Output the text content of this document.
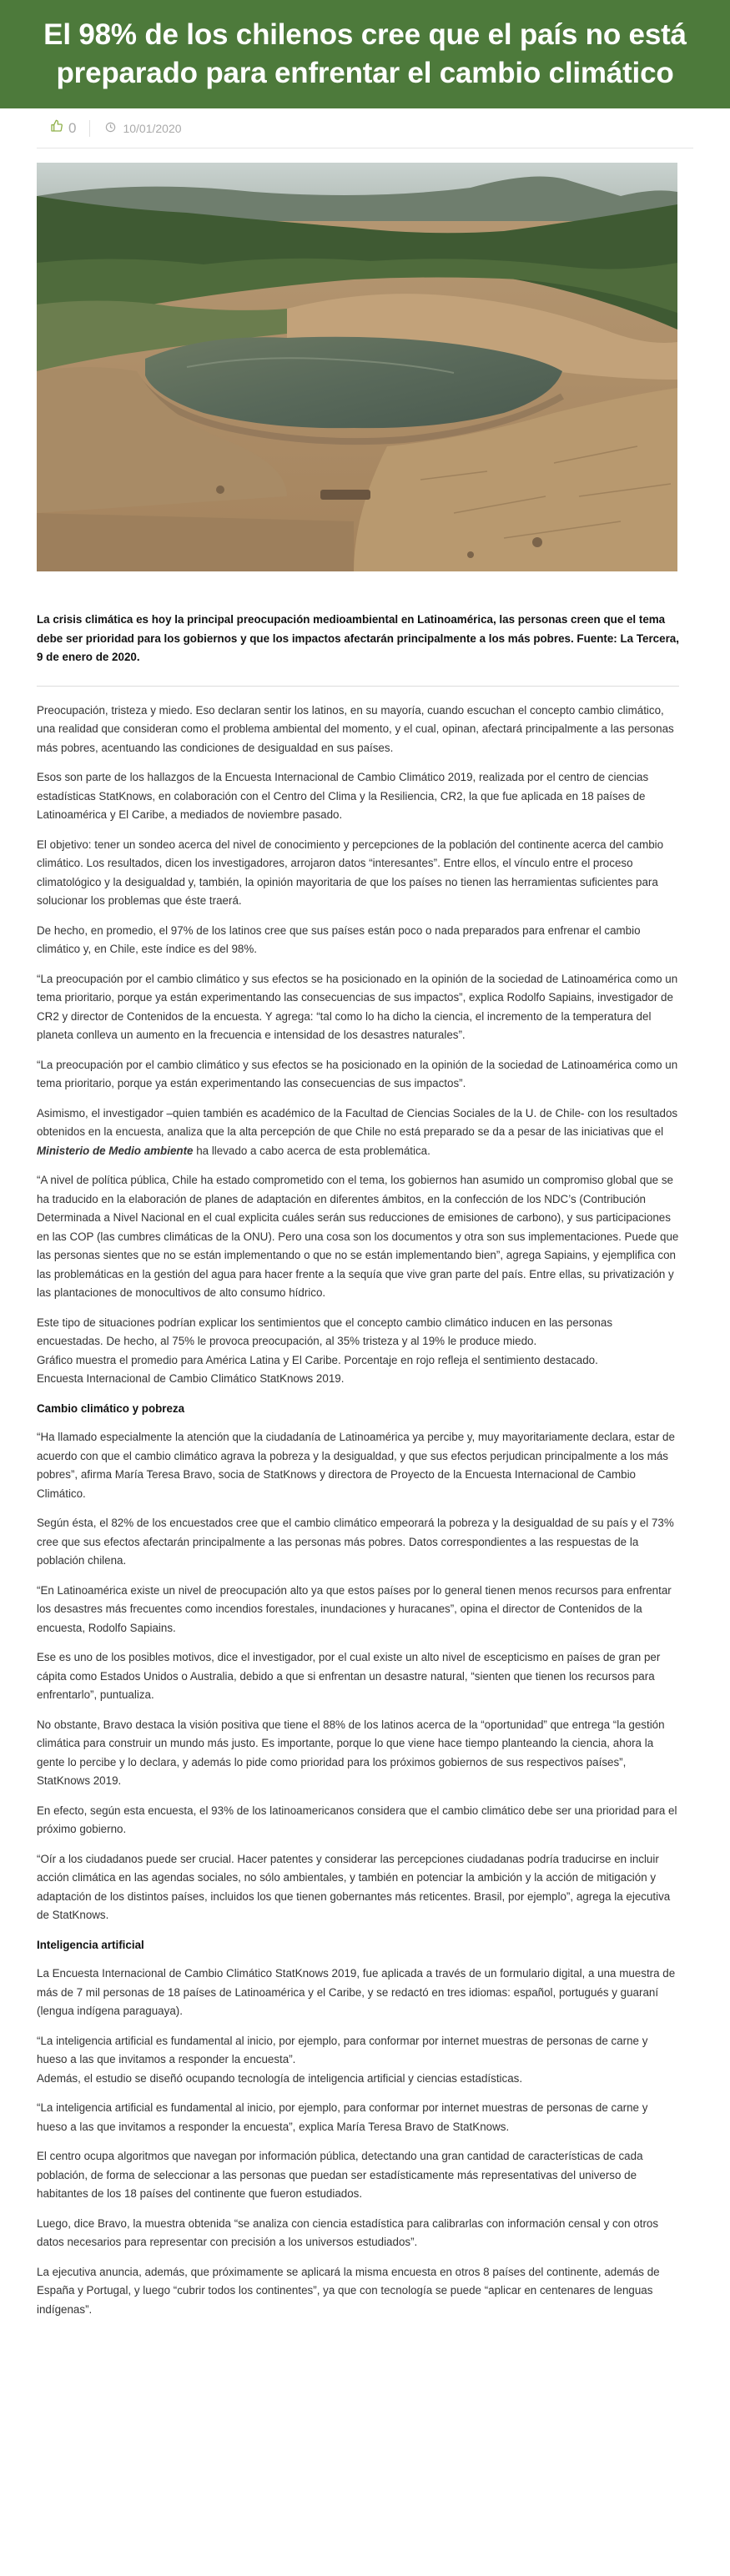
El 98% de los chilenos cree que el país no está preparado para enfrentar el cambio climático
0	10/01/2020

La crisis climática es hoy la principal preocupación medioambiental en Latinoamérica, las personas creen que el tema debe ser prioridad para los gobiernos y que los impactos afectarán principalmente a los más pobres. Fuente: La Tercera, 9 de enero de 2020.

Preocupación, tristeza y miedo. Eso declaran sentir los latinos, en su mayoría, cuando escuchan el concepto cambio climático, una realidad que consideran como el problema ambiental del momento, y el cual, opinan, afectará principalmente a las personas más pobres, acentuando las condiciones de desigualdad en sus países.

Esos son parte de los hallazgos de la Encuesta Internacional de Cambio Climático 2019, realizada por el centro de ciencias estadísticas StatKnows, en colaboración con el Centro del Clima y la Resiliencia, CR2, la que fue aplicada en 18 países de Latinoamérica y El Caribe, a mediados de noviembre pasado.

El objetivo: tener un sondeo acerca del nivel de conocimiento y percepciones de la población del continente acerca del cambio climático. Los resultados, dicen los investigadores, arrojaron datos “interesantes”. Entre ellos, el vínculo entre el proceso climatológico y la desigualdad y, también, la opinión mayoritaria de que los países no tienen las herramientas suficientes para solucionar los problemas que éste traerá.

De hecho, en promedio, el 97% de los latinos cree que sus países están poco o nada preparados para enfrenar el cambio climático y, en Chile, este índice es del 98%.

“La preocupación por el cambio climático y sus efectos se ha posicionado en la opinión de la sociedad de Latinoamérica como un tema prioritario, porque ya están experimentando las consecuencias de sus impactos”, explica Rodolfo Sapiains, investigador de CR2 y director de Contenidos de la encuesta. Y agrega: “tal como lo ha dicho la ciencia, el incremento de la temperatura del planeta conlleva un aumento en la frecuencia e intensidad de los desastres naturales”.

“La preocupación por el cambio climático y sus efectos se ha posicionado en la opinión de la sociedad de Latinoamérica como un tema prioritario, porque ya están experimentando las consecuencias de sus impactos”.

Asimismo, el investigador –quien también es académico de la Facultad de Ciencias Sociales de la U. de Chile- con los resultados obtenidos en la encuesta, analiza que la alta percepción de que Chile no está preparado se da a pesar de las iniciativas que el Ministerio de Medio ambiente ha llevado a cabo acerca de esta problemática.

“A nivel de política pública, Chile ha estado comprometido con el tema, los gobiernos han asumido un compromiso global que se ha traducido en la elaboración de planes de adaptación en diferentes ámbitos, en la confección de los NDC’s (Contribución Determinada a Nivel Nacional en el cual explicita cuáles serán sus reducciones de emisiones de carbono), y sus participaciones en las COP (las cumbres climáticas de la ONU). Pero una cosa son los documentos y otra son sus implementaciones. Puede que las personas sientes que no se están implementando o que no se están implementando bien”, agrega Sapiains, y ejemplifica con las problemáticas en la gestión del agua para hacer frente a la sequía que vive gran parte del país. Entre ellas, su privatización y las plantaciones de monocultivos de alto consumo hídrico.

Este tipo de situaciones podrían explicar los sentimientos que el concepto cambio climático inducen en las personas encuestadas. De hecho, al 75% le provoca preocupación, al 35% tristeza y al 19% le produce miedo.
Gráfico muestra el promedio para América Latina y El Caribe. Porcentaje en rojo refleja el sentimiento destacado.
Encuesta Internacional de Cambio Climático StatKnows 2019.

Cambio climático y pobreza

“Ha llamado especialmente la atención que la ciudadanía de Latinoamérica ya percibe y, muy mayoritariamente declara, estar de acuerdo con que el cambio climático agrava la pobreza y la desigualdad, y que sus efectos perjudican principalmente a los más pobres”, afirma María Teresa Bravo, socia de StatKnows y directora de Proyecto de la Encuesta Internacional de Cambio Climático.

Según ésta, el 82% de los encuestados cree que el cambio climático empeorará la pobreza y la desigualdad de su país y el 73% cree que sus efectos afectarán principalmente a las personas más pobres. Datos correspondientes a las respuestas de la población chilena.

“En Latinoamérica existe un nivel de preocupación alto ya que estos países por lo general tienen menos recursos para enfrentar los desastres más frecuentes como incendios forestales, inundaciones y huracanes”, opina el director de Contenidos de la encuesta, Rodolfo Sapiains.

Ese es uno de los posibles motivos, dice el investigador, por el cual existe un alto nivel de escepticismo en países de gran per cápita como Estados Unidos o Australia, debido a que si enfrentan un desastre natural, “sienten que tienen los recursos para enfrentarlo”, puntualiza.

No obstante, Bravo destaca la visión positiva que tiene el 88% de los latinos acerca de la “oportunidad” que entrega “la gestión climática para construir un mundo más justo. Es importante, porque lo que viene hace tiempo planteando la ciencia, ahora la gente lo percibe y lo declara, y además lo pide como prioridad para los próximos gobiernos de sus respectivos países”, StatKnows 2019.

En efecto, según esta encuesta, el 93% de los latinoamericanos considera que el cambio climático debe ser una prioridad para el próximo gobierno.

“Oír a los ciudadanos puede ser crucial. Hacer patentes y considerar las percepciones ciudadanas podría traducirse en incluir acción climática en las agendas sociales, no sólo ambientales, y también en potenciar la ambición y la acción de mitigación y adaptación de los distintos países, incluidos los que tienen gobernantes más reticentes. Brasil, por ejemplo”, agrega la ejecutiva de StatKnows.

Inteligencia artificial

La Encuesta Internacional de Cambio Climático StatKnows 2019, fue aplicada a través de un formulario digital, a una muestra de más de 7 mil personas de 18 países de Latinoamérica y el Caribe, y se redactó en tres idiomas: español, portugués y guaraní (lengua indígena paraguaya).

“La inteligencia artificial es fundamental al inicio, por ejemplo, para conformar por internet muestras de personas de carne y hueso a las que invitamos a responder la encuesta”.
Además, el estudio se diseñó ocupando tecnología de inteligencia artificial y ciencias estadísticas.

“La inteligencia artificial es fundamental al inicio, por ejemplo, para conformar por internet muestras de personas de carne y hueso a las que invitamos a responder la encuesta”, explica María Teresa Bravo de StatKnows.

El centro ocupa algoritmos que navegan por información pública, detectando una gran cantidad de características de cada población, de forma de seleccionar a las personas que puedan ser estadísticamente más representativas del universo de habitantes de los 18 países del continente que fueron estudiados.

Luego, dice Bravo, la muestra obtenida “se analiza con ciencia estadística para calibrarlas con información censal y con otros datos necesarios para representar con precisión a los universos estudiados”.

La ejecutiva anuncia, además, que próximamente se aplicará la misma encuesta en otros 8 países del continente, además de España y Portugal, y luego “cubrir todos los continentes”, ya que con tecnología se puede “aplicar en centenares de lenguas indígenas”.
